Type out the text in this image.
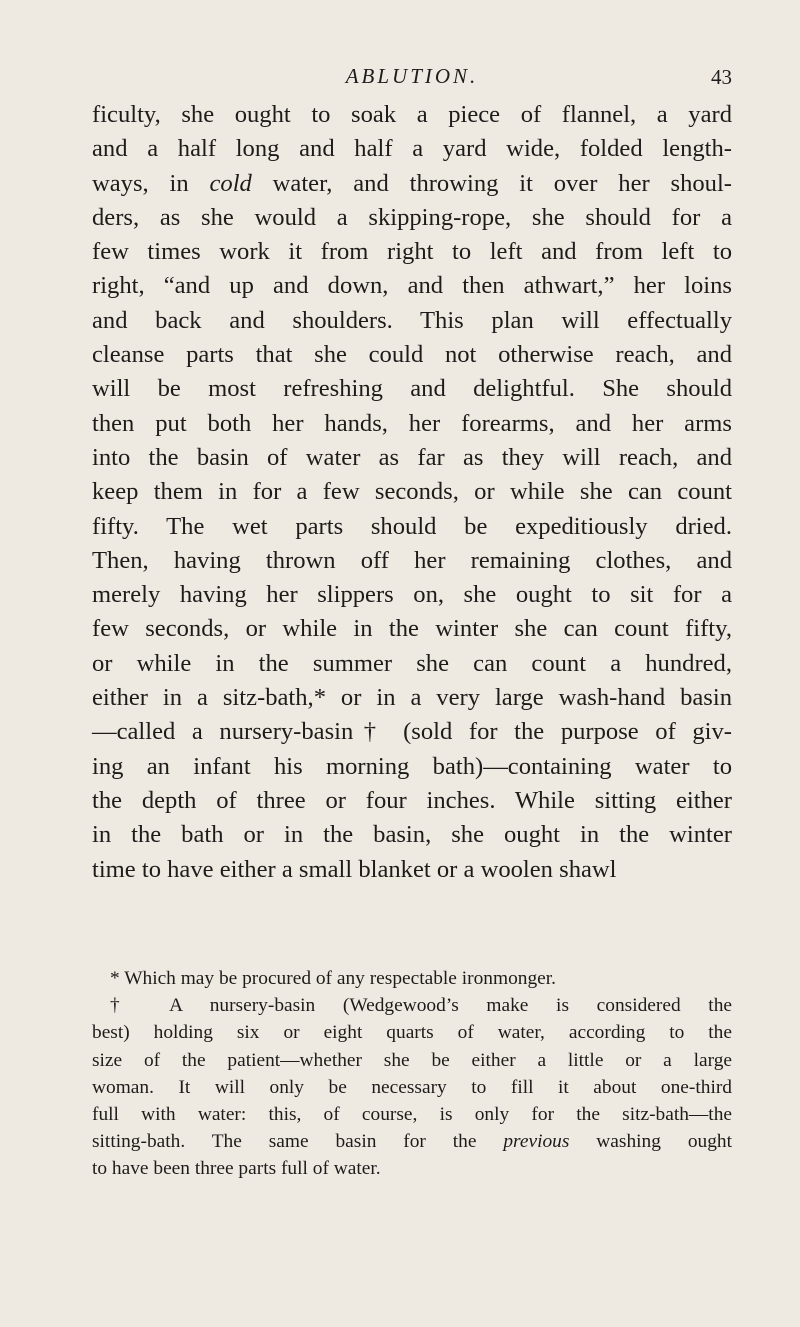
ABLUTION.	43
ficulty, she ought to soak a piece of flannel, a yard
and a half long and half a yard wide, folded length-
ways, in cold water, and throwing it over her shoul-
ders, as she would a skipping-rope, she should for a
few times work it from right to left and from left to
right, “and up and down, and then athwart,” her loins
and back and shoulders. This plan will effectually
cleanse parts that she could not otherwise reach, and
will be most refreshing and delightful. She should
then put both her hands, her forearms, and her arms
into the basin of water as far as they will reach, and
keep them in for a few seconds, or while she can count
fifty. The wet parts should be expeditiously dried.
Then, having thrown off her remaining clothes, and
merely having her slippers on, she ought to sit for a
few seconds, or while in the winter she can count fifty,
or while in the summer she can count a hundred,
either in a sitz-bath,* or in a very large wash-hand basin
—called a nursery-basin† (sold for the purpose of giv-
ing an infant his morning bath)—containing water to
the depth of three or four inches. While sitting either
in the bath or in the basin, she ought in the winter
time to have either a small blanket or a woolen shawl
* Which may be procured of any respectable ironmonger.
† A nursery-basin (Wedgewood’s make is considered the
best) holding six or eight quarts of water, according to the
size of the patient—whether she be either a little or a large
woman. It will only be necessary to fill it about one-third
full with water: this, of course, is only for the sitz-bath—the
sitting-bath. The same basin for the previous washing ought
to have been three parts full of water.
